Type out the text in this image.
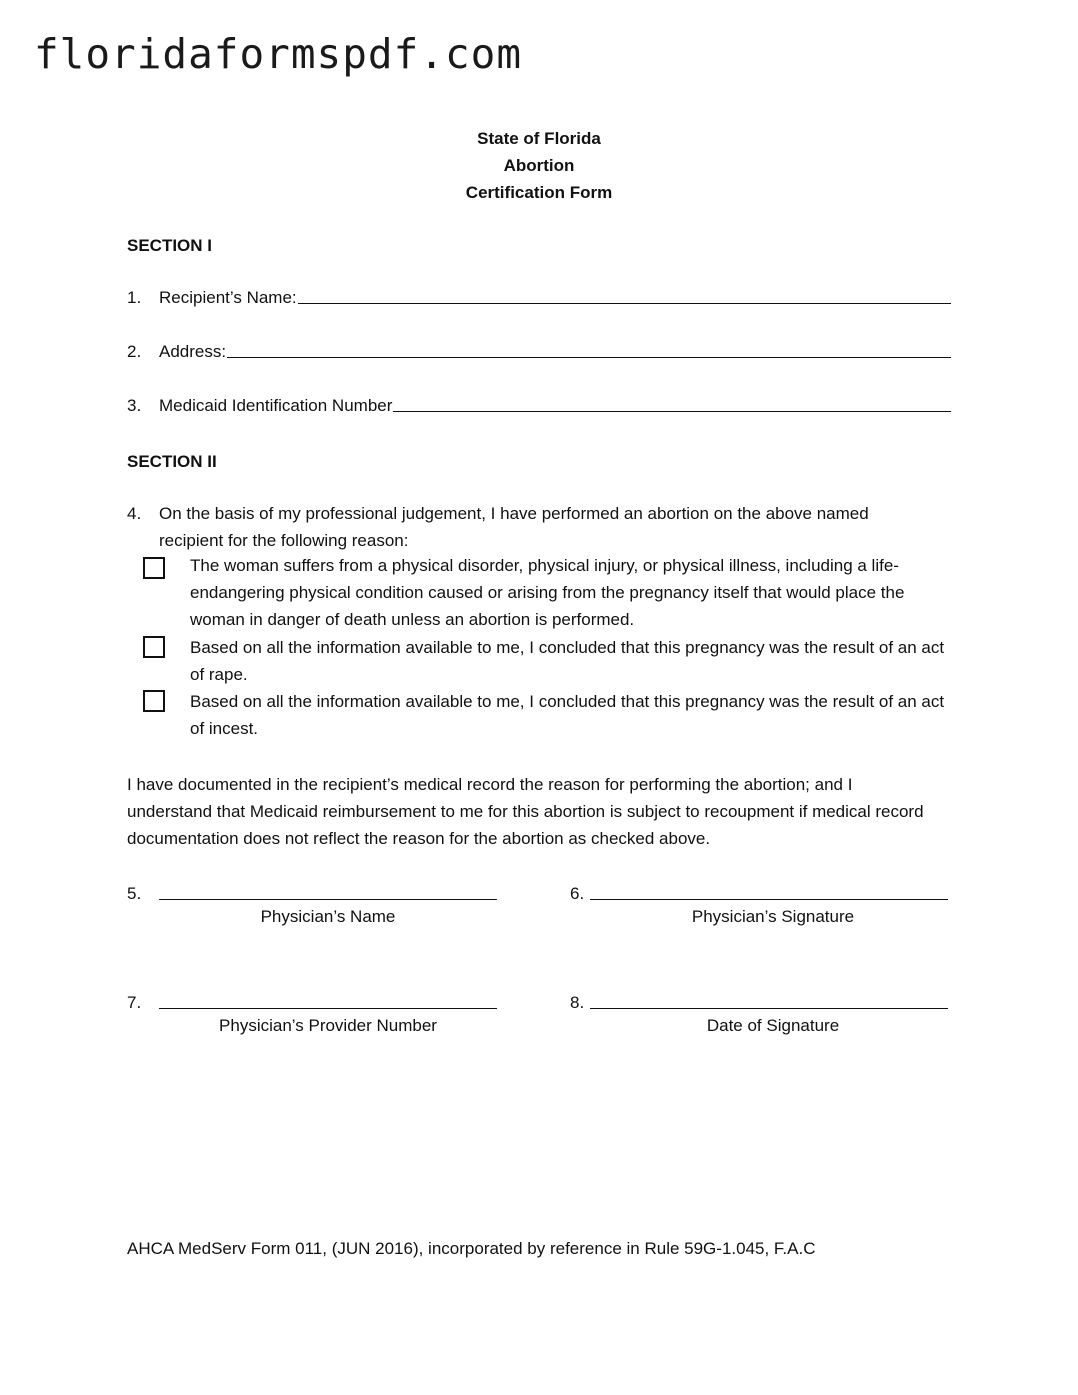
floridaformspdf.com
State of Florida
Abortion
Certification Form
SECTION I
1.	Recipient’s Name:
2.	Address:
3.	Medicaid Identification Number
SECTION II
4. On the basis of my professional judgement, I have performed an abortion on the above named recipient for the following reason:
The woman suffers from a physical disorder, physical injury, or physical illness, including a life-endangering physical condition caused or arising from the pregnancy itself that would place the woman in danger of death unless an abortion is performed.
Based on all the information available to me, I concluded that this pregnancy was the result of an act of rape.
Based on all the information available to me, I concluded that this pregnancy was the result of an act of incest.
I have documented in the recipient’s medical record the reason for performing the abortion; and I understand that Medicaid reimbursement to me for this abortion is subject to recoupment if medical record documentation does not reflect the reason for the abortion as checked above.
5.
Physician’s Name
6.
Physician’s Signature
7.
Physician’s Provider Number
8.
Date of Signature
AHCA MedServ Form 011, (JUN 2016), incorporated by reference in Rule 59G-1.045, F.A.C
